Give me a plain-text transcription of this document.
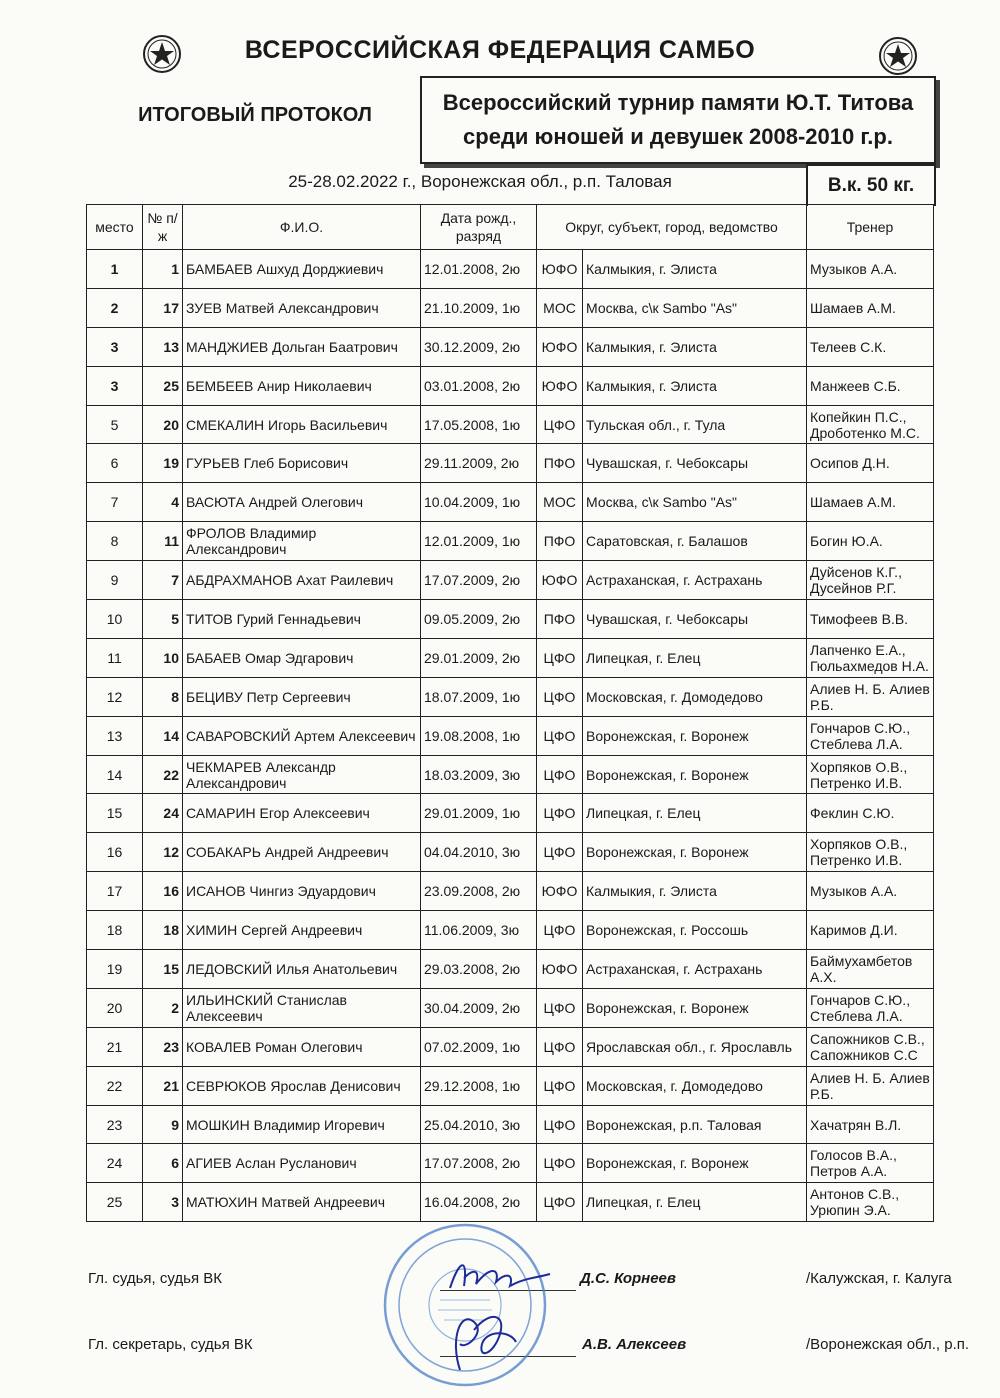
ВСЕРОССИЙСКАЯ ФЕДЕРАЦИЯ САМБО
ИТОГОВЫЙ ПРОТОКОЛ	Всероссийский турнир памяти Ю.Т. Титова
среди юношей и девушек 2008-2010 г.р.
25-28.02.2022 г., Воронежская обл., р.п. Таловая	В.к. 50 кг.
место	№ п/ж	Ф.И.О.	Дата рожд., разряд	Округ, субъект, город, ведомство		Тренер
1	1	БАМБАЕВ Ашхуд Дорджиевич	12.01.2008, 2ю	ЮФО	Калмыкия, г. Элиста	Музыков А.А.
2	17	ЗУЕВ Матвей Александрович	21.10.2009, 1ю	МОС	Москва, с\к Sambo "As"	Шамаев А.М.
3	13	МАНДЖИЕВ Дольган Баатрович	30.12.2009, 2ю	ЮФО	Калмыкия, г. Элиста	Телеев С.К.
3	25	БЕМБЕЕВ Анир Николаевич	03.01.2008, 2ю	ЮФО	Калмыкия, г. Элиста	Манжеев С.Б.
5	20	СМЕКАЛИН Игорь Васильевич	17.05.2008, 1ю	ЦФО	Тульская обл., г. Тула	Копейкин П.С., Дроботенко М.С.
6	19	ГУРЬЕВ Глеб Борисович	29.11.2009, 2ю	ПФО	Чувашская, г. Чебоксары	Осипов Д.Н.
7	4	ВАСЮТА Андрей Олегович	10.04.2009, 1ю	МОС	Москва, с\к Sambo "As"	Шамаев А.М.
8	11	ФРОЛОВ Владимир Александрович	12.01.2009, 1ю	ПФО	Саратовская, г. Балашов	Богин Ю.А.
9	7	АБДРАХМАНОВ Ахат Раилевич	17.07.2009, 2ю	ЮФО	Астраханская, г. Астрахань	Дуйсенов К.Г., Дусейнов Р.Г.
10	5	ТИТОВ Гурий Геннадьевич	09.05.2009, 2ю	ПФО	Чувашская, г. Чебоксары	Тимофеев В.В.
11	10	БАБАЕВ Омар Эдгарович	29.01.2009, 2ю	ЦФО	Липецкая, г. Елец	Лапченко Е.А., Гюльахмедов Н.А.
12	8	БЕЦИВУ Петр Сергеевич	18.07.2009, 1ю	ЦФО	Московская, г. Домодедово	Алиев Н. Б. Алиев Р.Б.
13	14	САВАРОВСКИЙ Артем Алексеевич	19.08.2008, 1ю	ЦФО	Воронежская, г. Воронеж	Гончаров С.Ю., Стеблева Л.А.
14	22	ЧЕКМАРЕВ Александр Александрович	18.03.2009, 3ю	ЦФО	Воронежская, г. Воронеж	Хорпяков О.В., Петренко И.В.
15	24	САМАРИН Егор Алексеевич	29.01.2009, 1ю	ЦФО	Липецкая, г. Елец	Феклин С.Ю.
16	12	СОБАКАРЬ Андрей Андреевич	04.04.2010, 3ю	ЦФО	Воронежская, г. Воронеж	Хорпяков О.В., Петренко И.В.
17	16	ИСАНОВ Чингиз Эдуардович	23.09.2008, 2ю	ЮФО	Калмыкия, г. Элиста	Музыков А.А.
18	18	ХИМИН Сергей Андреевич	11.06.2009, 3ю	ЦФО	Воронежская, г. Россошь	Каримов Д.И.
19	15	ЛЕДОВСКИЙ Илья Анатольевич	29.03.2008, 2ю	ЮФО	Астраханская, г. Астрахань	Баймухамбетов А.Х.
20	2	ИЛЬИНСКИЙ Станислав Алексеевич	30.04.2009, 2ю	ЦФО	Воронежская, г. Воронеж	Гончаров С.Ю., Стеблева Л.А.
21	23	КОВАЛЕВ Роман Олегович	07.02.2009, 1ю	ЦФО	Ярославская обл., г. Ярославль	Сапожников С.В., Сапожников С.С
22	21	СЕВРЮКОВ Ярослав Денисович	29.12.2008, 1ю	ЦФО	Московская, г. Домодедово	Алиев Н. Б. Алиев Р.Б.
23	9	МОШКИН Владимир Игоревич	25.04.2010, 3ю	ЦФО	Воронежская, р.п. Таловая	Хачатрян В.Л.
24	6	АГИЕВ Аслан Русланович	17.07.2008, 2ю	ЦФО	Воронежская, г. Воронеж	Голосов В.А., Петров А.А.
25	3	МАТЮХИН Матвей Андреевич	16.04.2008, 2ю	ЦФО	Липецкая, г. Елец	Антонов С.В., Урюпин Э.А.
Гл. судья, судья ВК	Д.С. Корнеев	/Калужская, г. Калуга
Гл. секретарь, судья ВК	А.В. Алексеев	/Воронежская обл., р.п.
